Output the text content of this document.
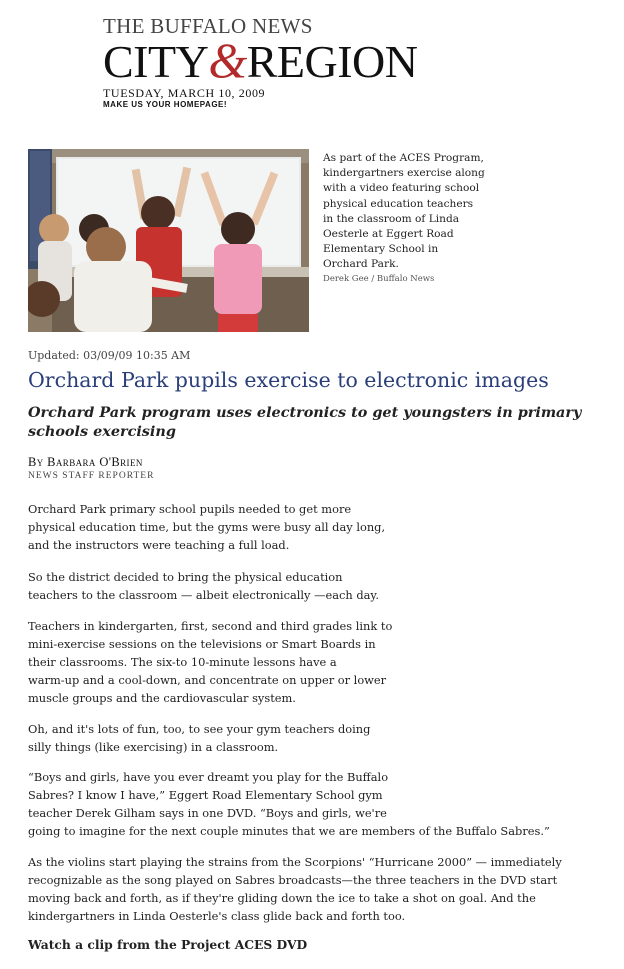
THE BUFFALO NEWS
CITY&REGION
TUESDAY, MARCH 10, 2009
MAKE US YOUR HOMEPAGE!
As part of the ACES Program,
kindergartners exercise along
with a video featuring school
physical education teachers
in the classroom of Linda
Oesterle at Eggert Road
Elementary School in
Orchard Park.
Derek Gee / Buffalo News
Updated: 03/09/09 10:35 AM
Orchard Park pupils exercise to electronic images
Orchard Park program uses electronics to get youngsters in primary
schools exercising
By Barbara O'Brien
NEWS STAFF REPORTER
Orchard Park primary school pupils needed to get more
physical education time, but the gyms were busy all day long,
and the instructors were teaching a full load.
So the district decided to bring the physical education
teachers to the classroom — albeit electronically —each day.
Teachers in kindergarten, first, second and third grades link to
mini-exercise sessions on the televisions or Smart Boards in
their classrooms. The six-to 10-minute lessons have a
warm-up and a cool-down, and concentrate on upper or lower
muscle groups and the cardiovascular system.
Oh, and it's lots of fun, too, to see your gym teachers doing
silly things (like exercising) in a classroom.
“Boys and girls, have you ever dreamt you play for the Buffalo
Sabres? I know I have,” Eggert Road Elementary School gym
teacher Derek Gilham says in one DVD. “Boys and girls, we're
going to imagine for the next couple minutes that we are members of the Buffalo Sabres.”
As the violins start playing the strains from the Scorpions' “Hurricane 2000” — immediately
recognizable as the song played on Sabres broadcasts—the three teachers in the DVD start
moving back and forth, as if they're gliding down the ice to take a shot on goal. And the
kindergartners in Linda Oesterle's class glide back and forth too.
Watch a clip from the Project ACES DVD
